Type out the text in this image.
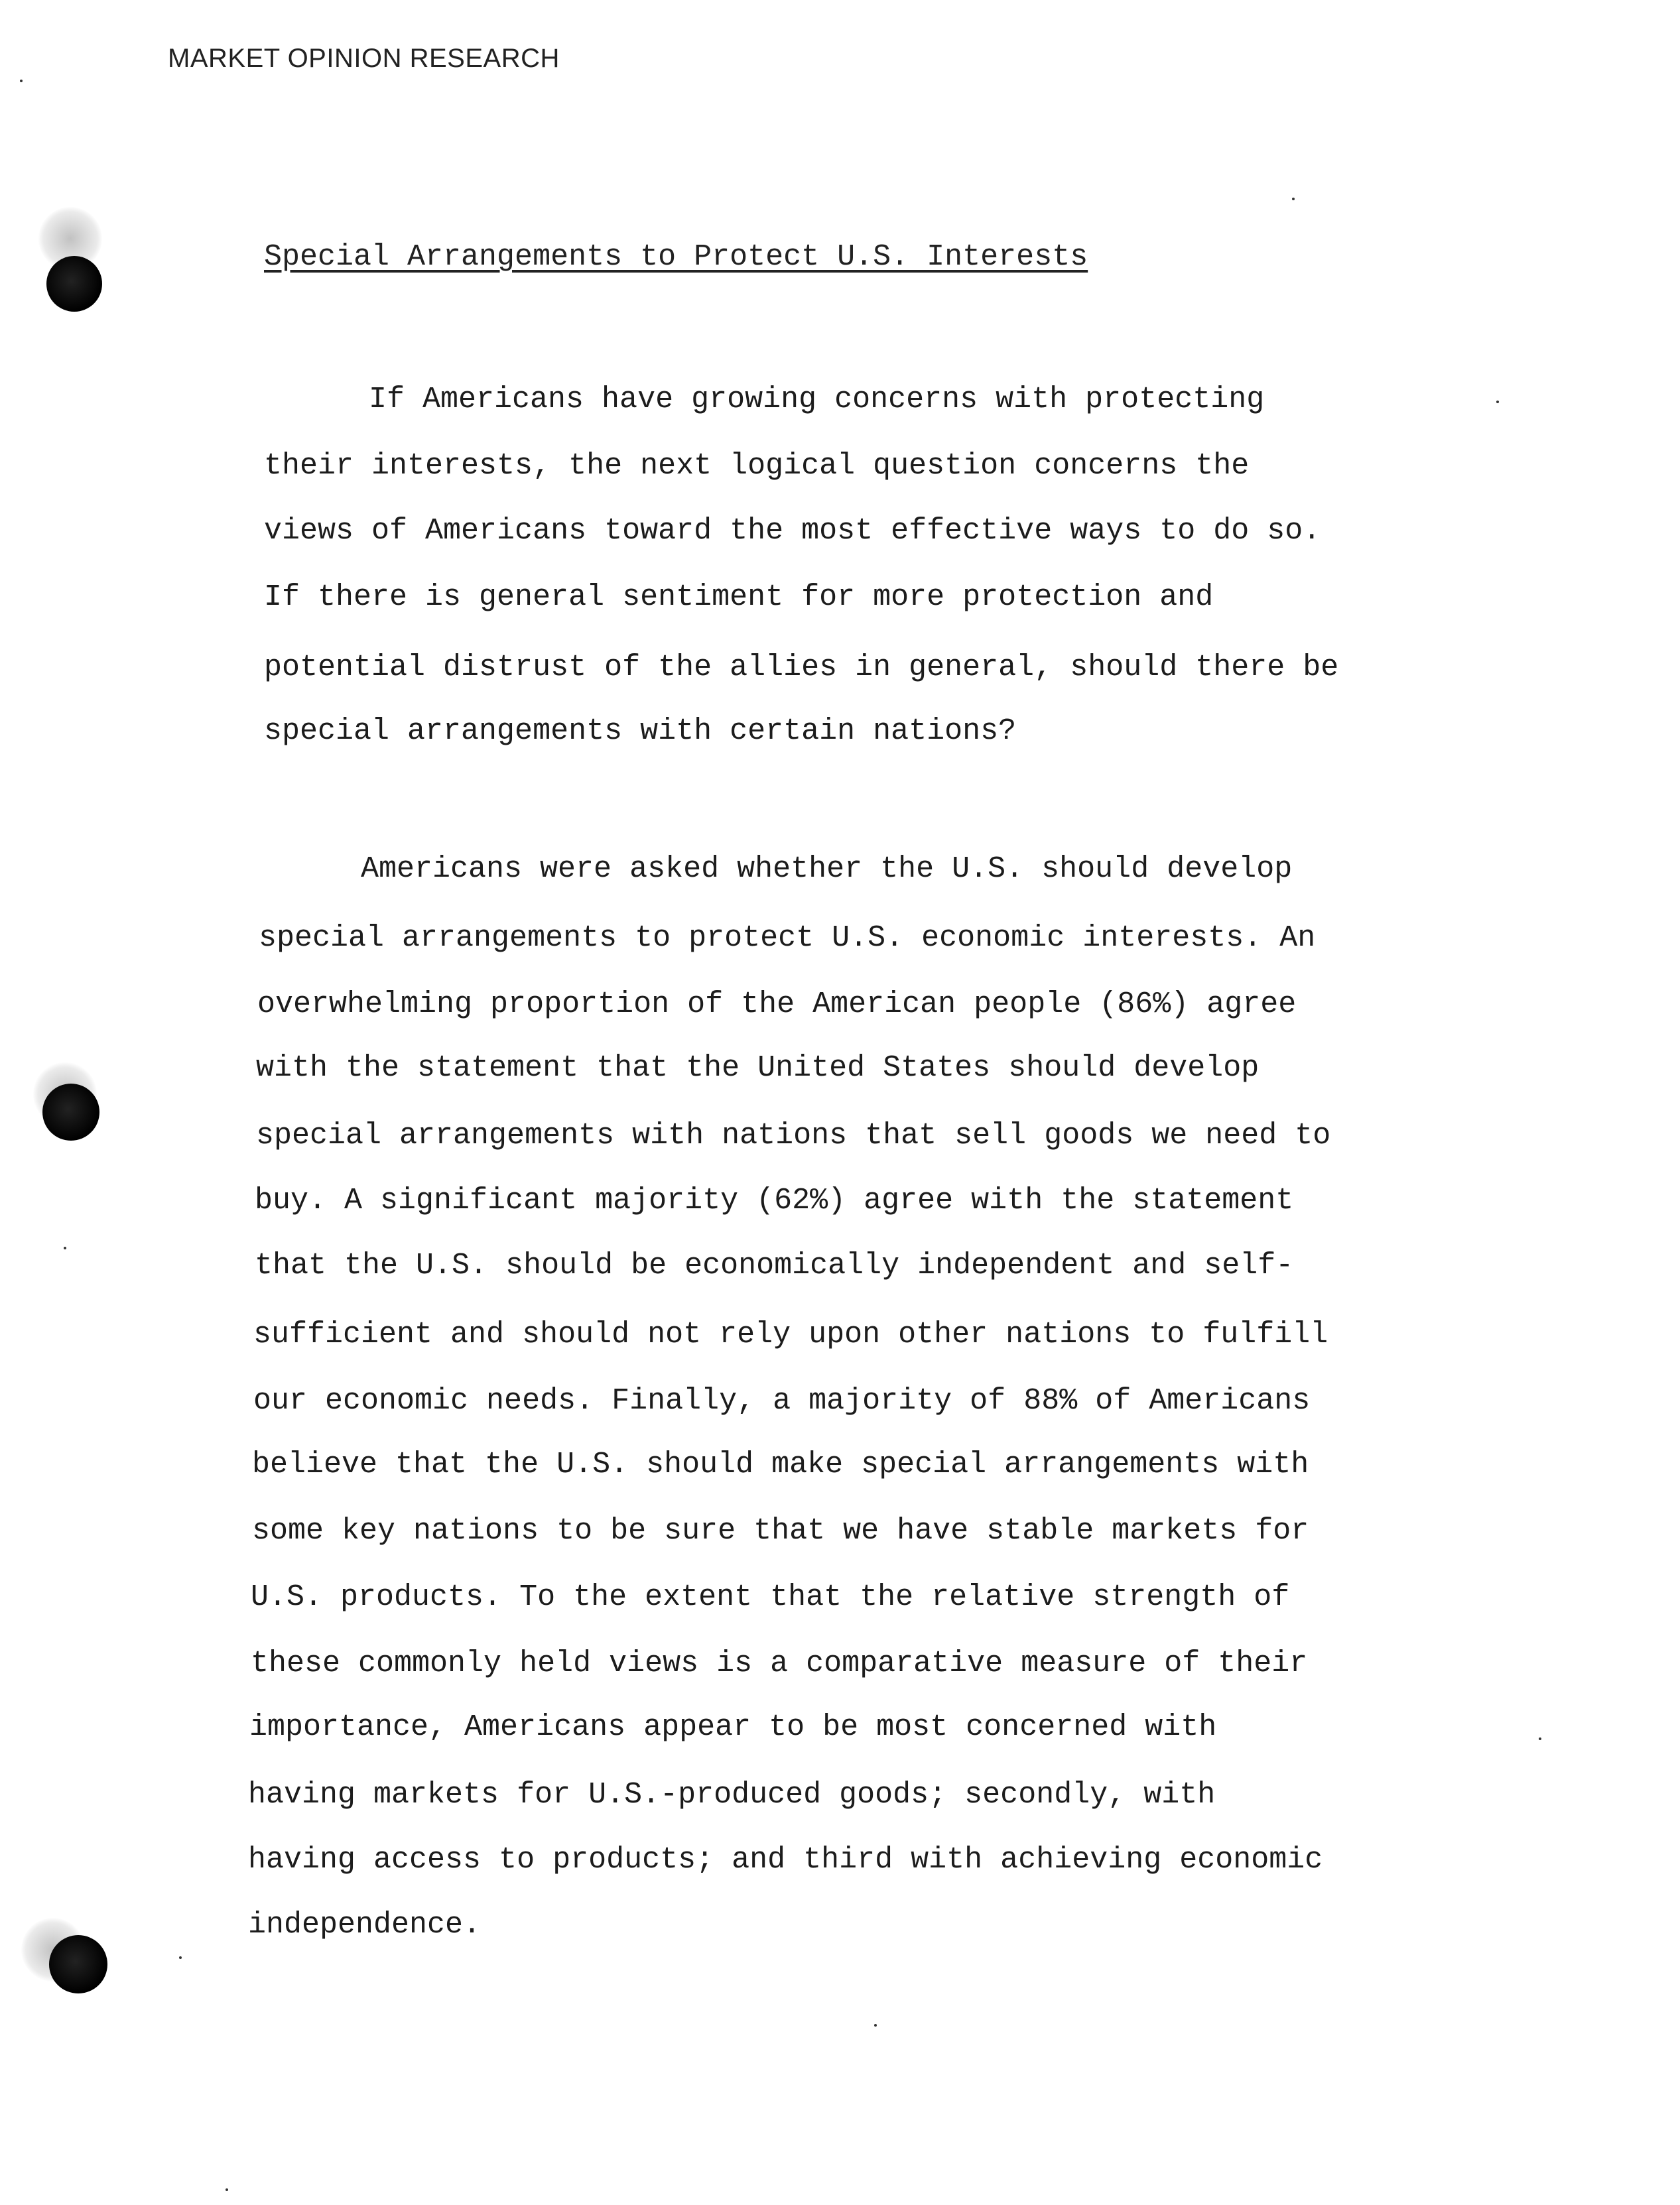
MARKET OPINION RESEARCH
Special Arrangements to Protect U.S. Interests
If Americans have growing concerns with protecting
their interests, the next logical question concerns the
views of Americans toward the most effective ways to do so.
If there is general sentiment for more protection and
potential distrust of the allies in general, should there be
special arrangements with certain nations?
Americans were asked whether the U.S. should develop
special arrangements to protect U.S. economic interests. An
overwhelming proportion of the American people (86%) agree
with the statement that the United States should develop
special arrangements with nations that sell goods we need to
buy. A significant majority (62%) agree with the statement
that the U.S. should be economically independent and self-
sufficient and should not rely upon other nations to fulfill
our economic needs. Finally, a majority of 88% of Americans
believe that the U.S. should make special arrangements with
some key nations to be sure that we have stable markets for
U.S. products. To the extent that the relative strength of
these commonly held views is a comparative measure of their
importance, Americans appear to be most concerned with
having markets for U.S.-produced goods; secondly, with
having access to products; and third with achieving economic
independence.
